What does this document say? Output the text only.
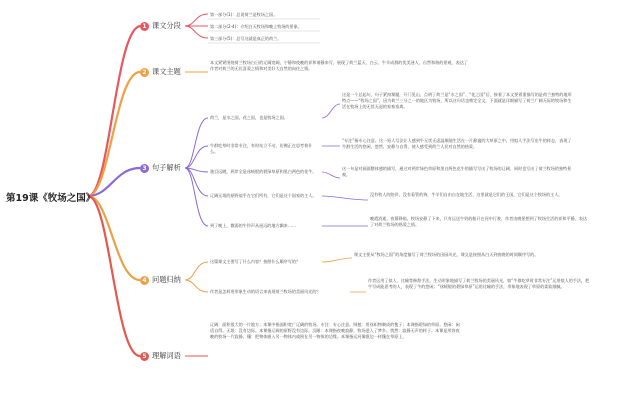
第19课《牧场之国》
1 课文分段
2 课文主题
3 句子解析
4 问题归纳
5 理解词语
第一部分(1)：总说荷兰是牧场之国。
第二部分(2-4)：介绍白天牧场和晚上牧场的景象。
第三部分(5)：总写这就是真正的荷兰。
本文紧紧围绕荷兰牧场白日的辽阔宽阔，宁静和夜晚的祥和谐静来写，展现了荷兰蓝天、白云、牛羊成群的优美迷人、自然和谐的景观，表达了作者对荷兰的无比喜爱之情和对美好大自然的向往之情。
荷兰，是水之国，花之国，也是牧场之国。
牛群吃草时非常专注，有时站立不动，仿佛正在思考着什么。
骏目远眺，两岸全是丝绒般的碧绿草原和黑白两色的花牛。
辽阔无垠的原野似乎在它们所有，它们是这个国家的主人。
到了晚上，微弱的牛铃声从遥远的地方飘来……
这是一个总起句，句子紧扣课题，开门见山，点明了荷兰是“水之国”、“花之国”后，接着了本文要着重描写的是荷兰独特的地形特点——“牧场之国”，因为荷兰三分之一的地区为牧场，所以这句话也奠定全文，下面就是详细描写了荷兰广阔无际的牧场和生活在牧场上的无忧无虑的家畜家禽。
“专注”指专心注意。这一短人写法让人感到牛无忧无虑温顺地生活在一片静谧的大草原之中，用拟人手法写出牛的样态，表现了牛群生活的悠闲、悠然、安静与自得，使人感受到荷兰人民对自然的热爱。
这一句是对画面整体感的描写，通过对两岸绿色草原和黑白两色花牛的描写写出了牧场的辽阔，同时也写出了荷兰牧场的独特景观。
没有牧人的陪伴，没有看管的狗，牛羊们自由自在地生活，这里就是它们的王国，它们是这个牧场的主人。
晚霞消逝，夜幕降临，牧场安静了下来，只有运送牛奶的船只在河中行驶，作者由晚景想到了牧场生活的祥和平静，表达了对荷兰牧场的热爱之情。
这篇课文主要写了什么内容？按照什么顺序写的？
课文主要从“牧场之国”的角度描写了荷兰牧场的田园风光，课文是按照从白天到夜晚的时间顺序写的。
作者是怎样用形象生动的语言来表现荷兰牧场的美丽风光的？
作者运用了拟人、比喻等修辞手法，生动形象地描写了荷兰牧场的美丽风光，如“牛群吃草时非常专注”运用拟人的手法，把牛写成能思考的人，表现了牛的悠闲；“丝绒般的碧绿草原”运用比喻的手法，形象地表现了草原的柔软细腻。
辽阔：面积很大的一片地方；本课中指面积宽广辽阔的牧场。专注：专心注意。绒毯：用丝织物制成的毯子；本课指碧绿的草原。悠闲：闲适自得。无垠：没有边际。本课指辽阔的原野没有边际。沉睡：本课指夜晚寂静，牧场进入了梦乡。悄然：寂静无声的样子。本课是形容夜晚的牧场一片寂静。镶：把物体嵌入另一物体内或围在另一物体的边缘。本课指运河像银边一样镶在草原上。
